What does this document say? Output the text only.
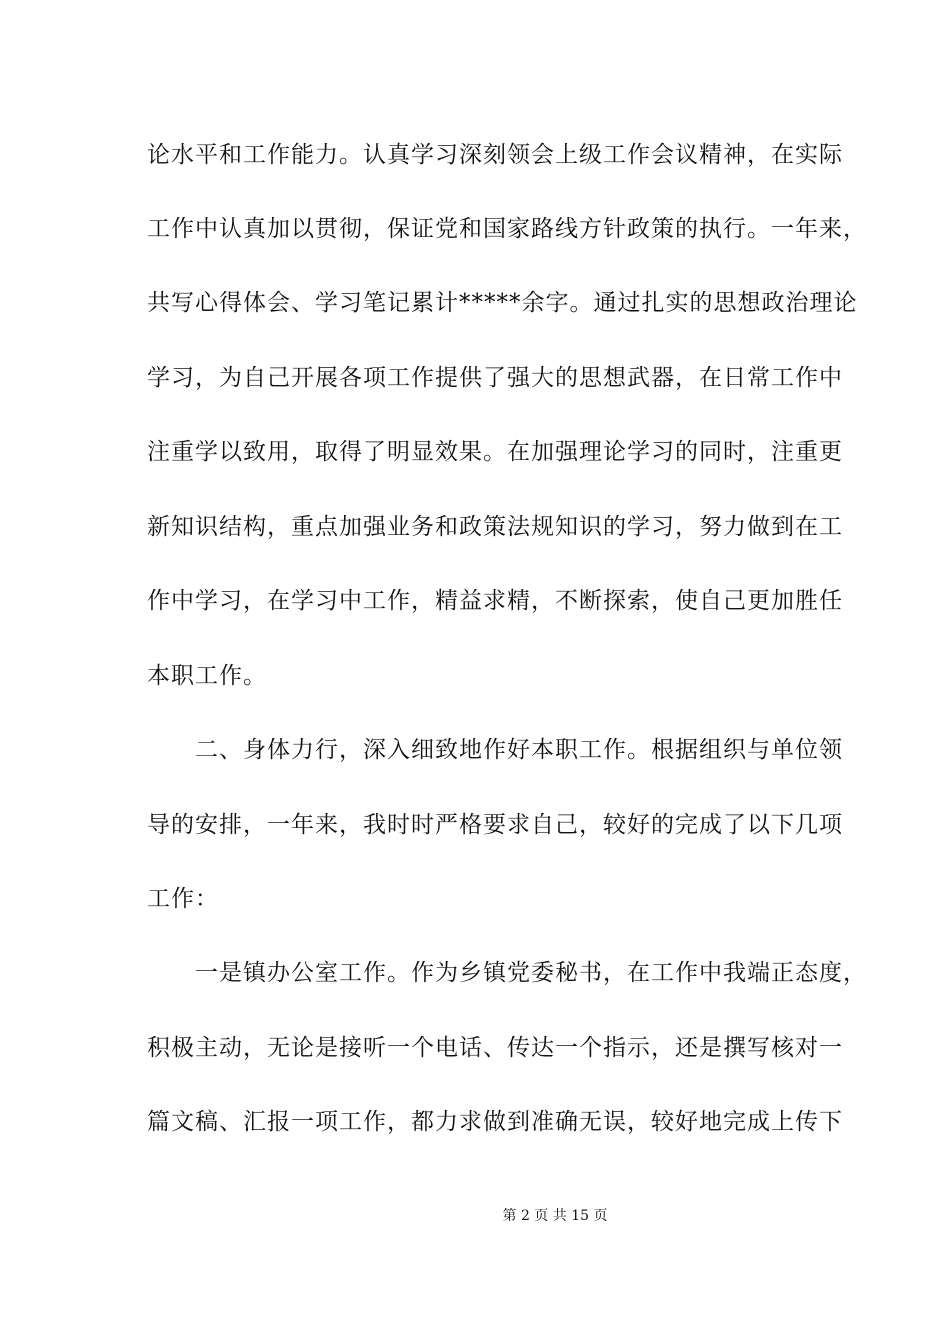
论水平和工作能力。认真学习深刻领会上级工作会议精神，在实际
工作中认真加以贯彻，保证党和国家路线方针政策的执行。一年来，
共写心得体会、学习笔记累计*****余字。通过扎实的思想政治理论
学习，为自己开展各项工作提供了强大的思想武器，在日常工作中
注重学以致用，取得了明显效果。在加强理论学习的同时，注重更
新知识结构，重点加强业务和政策法规知识的学习，努力做到在工
作中学习，在学习中工作，精益求精，不断探索，使自己更加胜任
本职工作。
　　二、身体力行，深入细致地作好本职工作。根据组织与单位领
导的安排，一年来，我时时严格要求自己，较好的完成了以下几项
工作：
　　一是镇办公室工作。作为乡镇党委秘书，在工作中我端正态度，
积极主动，无论是接听一个电话、传达一个指示，还是撰写核对一
篇文稿、汇报一项工作，都力求做到准确无误，较好地完成上传下
第 2 页 共 15 页
